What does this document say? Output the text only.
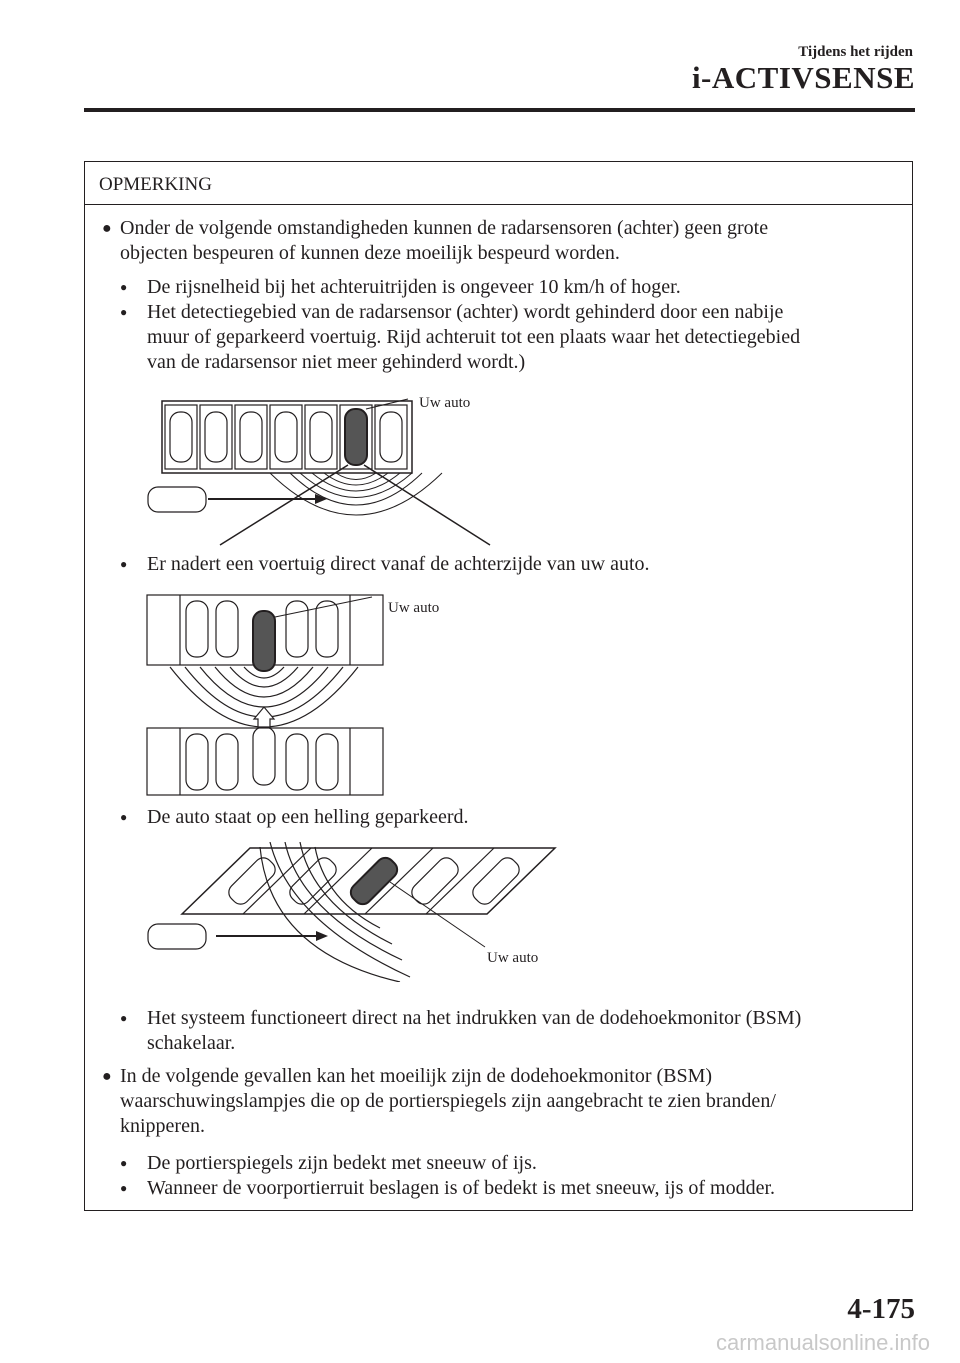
Tijdens het rijden
i-ACTIVSENSE
OPMERKING
● Onder de volgende omstandigheden kunnen de radarsensoren (achter) geen grote
objecten bespeuren of kunnen deze moeilijk bespeurd worden.
● De rijsnelheid bij het achteruitrijden is ongeveer 10 km/h of hoger.
● Het detectiegebied van de radarsensor (achter) wordt gehinderd door een nabije
muur of geparkeerd voertuig. Rijd achteruit tot een plaats waar het detectiegebied
van de radarsensor niet meer gehinderd wordt.)
Uw auto
● Er nadert een voertuig direct vanaf de achterzijde van uw auto.
Uw auto
● De auto staat op een helling geparkeerd.
Uw auto
● Het systeem functioneert direct na het indrukken van de dodehoekmonitor (BSM)
schakelaar.
● In de volgende gevallen kan het moeilijk zijn de dodehoekmonitor (BSM)
waarschuwingslampjes die op de portierspiegels zijn aangebracht te zien branden/
knipperen.
● De portierspiegels zijn bedekt met sneeuw of ijs.
● Wanneer de voorportierruit beslagen is of bedekt is met sneeuw, ijs of modder.
4-175
carmanualsonline.info
